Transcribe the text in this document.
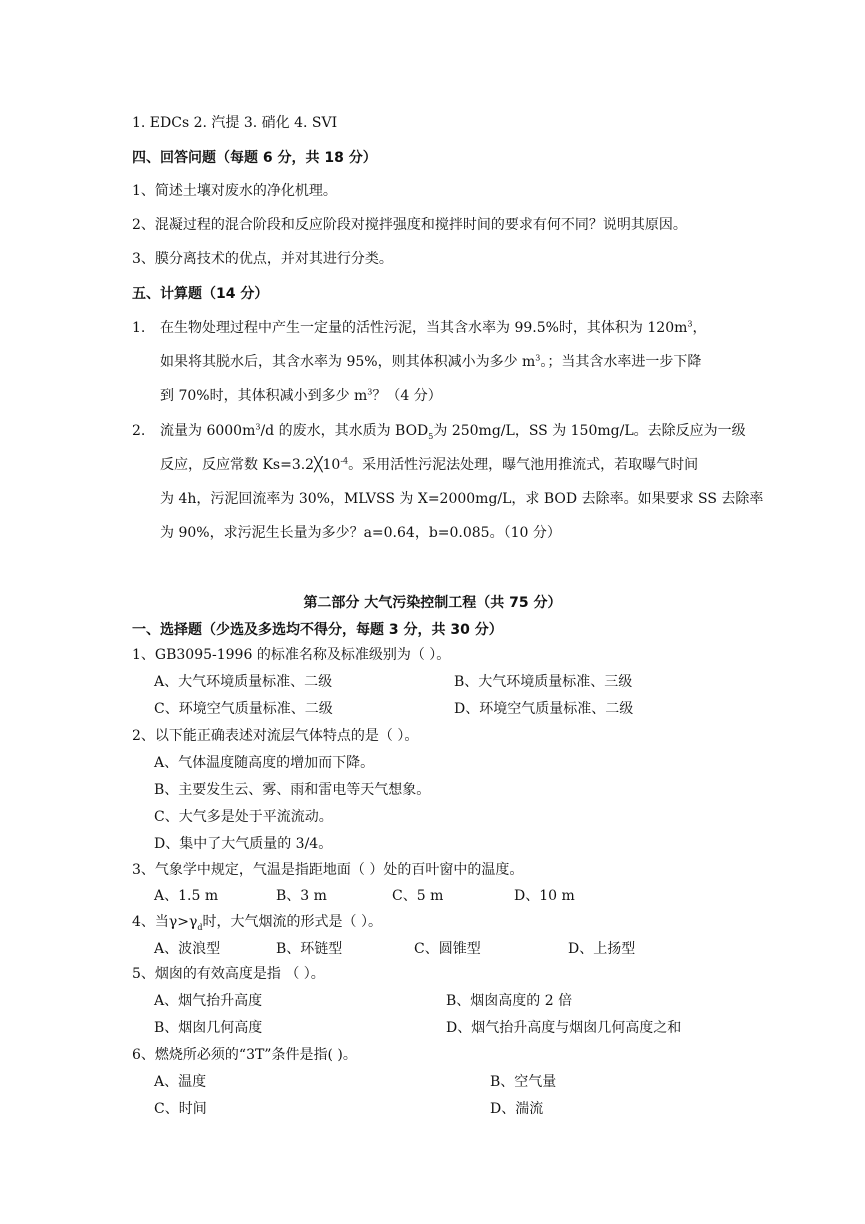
1. EDCs 2. 汽提 3. 硝化 4. SVI
四、回答问题（每题 6 分，共 18 分）
1、简述土壤对废水的净化机理。
2、混凝过程的混合阶段和反应阶段对搅拌强度和搅拌时间的要求有何不同？说明其原因。
3、膜分离技术的优点，并对其进行分类。
五、计算题（14 分）
1. 在生物处理过程中产生一定量的活性污泥，当其含水率为 99.5%时，其体积为 $120m^3$，
如果将其脱水后，其含水率为 95%，则其体积减小为多少 $m^3$。；当其含水率进一步下降
到 70%时，其体积减小到多少 $m^3$？（4 分）
2. 流量为 $6000m^3/d$ 的废水，其水质为 $BOD_5$为 250mg/L，SS 为 150mg/L。去除反应为一级
反应，反应常数 $Ks=3.2╳10^{-4}$。采用活性污泥法处理，曝气池用推流式，若取曝气时间
为 4h，污泥回流率为 30%，MLVSS 为 X=2000mg/L，求 BOD 去除率。如果要求 SS 去除率
为 90%，求污泥生长量为多少？a=0.64，b=0.085。（10 分）
第二部分 大气污染控制工程（共 75 分）
一、选择题（少选及多选均不得分，每题 3 分，共 30 分）
1、GB3095-1996 的标准名称及标准级别为（ ）。
A、大气环境质量标准、二级	B、大气环境质量标准、三级
C、环境空气质量标准、二级	D、环境空气质量标准、二级
2、以下能正确表述对流层气体特点的是（ ）。
A、气体温度随高度的增加而下降。
B、主要发生云、雾、雨和雷电等天气想象。
C、大气多是处于平流流动。
D、集中了大气质量的 3/4。
3、气象学中规定，气温是指距地面（ ）处的百叶窗中的温度。
A、1.5 m	B、3 m	C、5 m	D、10 m
4、当$\gamma>\gamma_d$时，大气烟流的形式是（ ）。
A、波浪型	B、环链型	C、圆锥型	D、上扬型
5、烟囱的有效高度是指 （ ）。
A、烟气抬升高度	B、烟囱高度的 2 倍
B、烟囱几何高度	D、烟气抬升高度与烟囱几何高度之和
6、燃烧所必须的“3T”条件是指( )。
A、温度	B、空气量
C、时间	D、湍流
